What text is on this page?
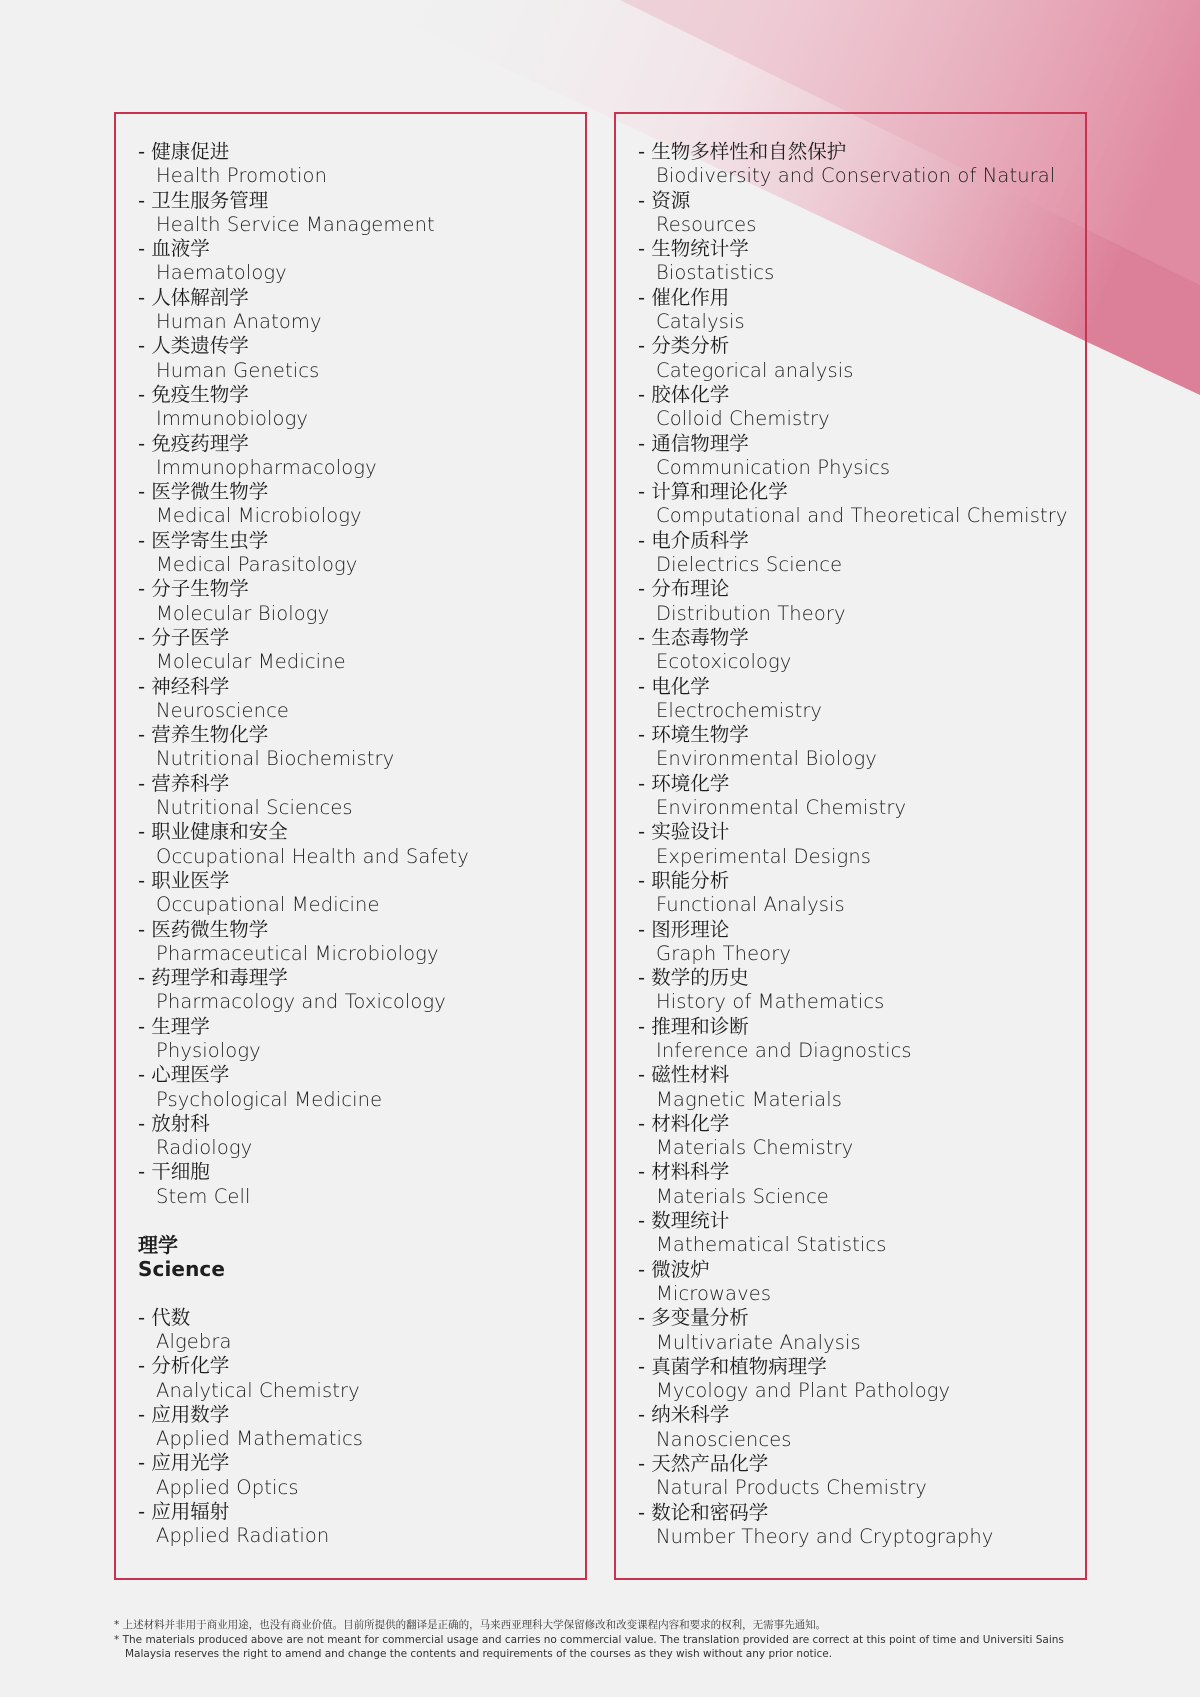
- 健康促进
Health Promotion
- 卫生服务管理
Health Service Management
- 血液学
Haematology
- 人体解剖学
Human Anatomy
- 人类遗传学
Human Genetics
- 免疫生物学
Immunobiology
- 免疫药理学
Immunopharmacology
- 医学微生物学
Medical Microbiology
- 医学寄生虫学
Medical Parasitology
- 分子生物学
Molecular Biology
- 分子医学
Molecular Medicine
- 神经科学
Neuroscience
- 营养生物化学
Nutritional Biochemistry
- 营养科学
Nutritional Sciences
- 职业健康和安全
Occupational Health and Safety
- 职业医学
Occupational Medicine
- 医药微生物学
Pharmaceutical Microbiology
- 药理学和毒理学
Pharmacology and Toxicology
- 生理学
Physiology
- 心理医学
Psychological Medicine
- 放射科
Radiology
- 干细胞
Stem Cell
理学
Science
- 代数
Algebra
- 分析化学
Analytical Chemistry
- 应用数学
Applied Mathematics
- 应用光学
Applied Optics
- 应用辐射
Applied Radiation
- 生物多样性和自然保护
Biodiversity and Conservation of Natural
- 资源
Resources
- 生物统计学
Biostatistics
- 催化作用
Catalysis
- 分类分析
Categorical analysis
- 胶体化学
Colloid Chemistry
- 通信物理学
Communication Physics
- 计算和理论化学
Computational and Theoretical Chemistry
- 电介质科学
Dielectrics Science
- 分布理论
Distribution Theory
- 生态毒物学
Ecotoxicology
- 电化学
Electrochemistry
- 环境生物学
Environmental Biology
- 环境化学
Environmental Chemistry
- 实验设计
Experimental Designs
- 职能分析
Functional Analysis
- 图形理论
Graph Theory
- 数学的历史
History of Mathematics
- 推理和诊断
Inference and Diagnostics
- 磁性材料
Magnetic Materials
- 材料化学
Materials Chemistry
- 材料科学
Materials Science
- 数理统计
Mathematical Statistics
- 微波炉
Microwaves
- 多变量分析
Multivariate Analysis
- 真菌学和植物病理学
Mycology and Plant Pathology
- 纳米科学
Nanosciences
- 天然产品化学
Natural Products Chemistry
- 数论和密码学
Number Theory and Cryptography

* 上述材料并非用于商业用途，也没有商业价值。目前所提供的翻译是正确的，马来西亚理科大学保留修改和改变课程内容和要求的权利，无需事先通知。

* The materials produced above are not meant for commercial usage and carries no commercial value. The translation provided are correct at this point of time and Universiti Sains

Malaysia reserves the right to amend and change the contents and requirements of the courses as they wish without any prior notice.
